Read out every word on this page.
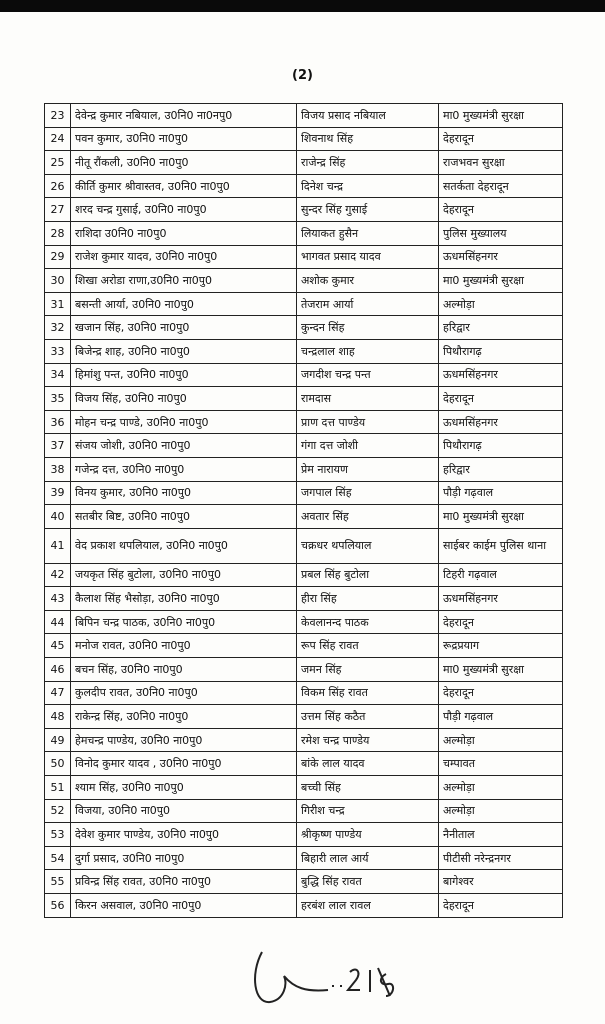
(2)
23	देवेन्द्र कुमार नबियाल, उ0नि0 ना0नपु0	विजय प्रसाद नबियाल	मा0 मुख्यमंत्री सुरक्षा
24	पवन कुमार, उ0नि0 ना0पु0	शिवनाथ सिंह	देहरादून
25	नीतू रौंकली, उ0नि0 ना0पु0	राजेन्द्र सिंह	राजभवन सुरक्षा
26	कीर्ति कुमार श्रीवास्तव, उ0नि0 ना0पु0	दिनेश चन्द्र	सतर्कता देहरादून
27	शरद चन्द्र गुसाई, उ0नि0 ना0पु0	सुन्दर सिंह गुसाई	देहरादून
28	राशिदा उ0नि0 ना0पु0	लियाकत हुसैन	पुलिस मुख्यालय
29	राजेश कुमार यादव, उ0नि0 ना0पु0	भागवत प्रसाद यादव	ऊधमसिंहनगर
30	शिखा अरोडा राणा,उ0नि0 ना0पु0	अशोक कुमार	मा0 मुख्यमंत्री सुरक्षा
31	बसन्ती आर्या, उ0नि0 ना0पु0	तेजराम आर्या	अल्मोड़ा
32	खजान सिंह, उ0नि0 ना0पु0	कुन्दन सिंह	हरिद्वार
33	बिजेन्द्र शाह, उ0नि0 ना0पु0	चन्द्रलाल शाह	पिथौरागढ़
34	हिमांशु पन्त, उ0नि0 ना0पु0	जगदीश चन्द्र पन्त	ऊधमसिंहनगर
35	विजय सिंह, उ0नि0 ना0पु0	रामदास	देहरादून
36	मोहन चन्द्र पाण्डे, उ0नि0 ना0पु0	प्राण दत्त पाण्डेय	ऊधमसिंहनगर
37	संजय जोशी, उ0नि0 ना0पु0	गंगा दत्त जोशी	पिथौरागढ़
38	गजेन्द्र दत्त, उ0नि0 ना0पु0	प्रेम नारायण	हरिद्वार
39	विनय कुमार, उ0नि0 ना0पु0	जगपाल सिंह	पौड़ी गढ़वाल
40	सतबीर बिष्ट, उ0नि0 ना0पु0	अवतार सिंह	मा0 मुख्यमंत्री सुरक्षा
41	वेद प्रकाश थपलियाल, उ0नि0 ना0पु0	चक्रधर थपलियाल	साईबर काईम पुलिस थाना
42	जयकृत सिंह बुटोला, उ0नि0 ना0पु0	प्रबल सिंह बुटोला	टिहरी गढ़वाल
43	कैलाश सिंह भैसोड़ा, उ0नि0 ना0पु0	हीरा सिंह	ऊधमसिंहनगर
44	बिपिन चन्द्र पाठक, उ0नि0 ना0पु0	केवलानन्द पाठक	देहरादून
45	मनोज रावत, उ0नि0 ना0पु0	रूप सिंह रावत	रूद्रप्रयाग
46	बचन सिंह, उ0नि0 ना0पु0	जमन सिंह	मा0 मुख्यमंत्री सुरक्षा
47	कुलदीप रावत, उ0नि0 ना0पु0	विकम सिंह रावत	देहरादून
48	राकेन्द्र सिंह, उ0नि0 ना0पु0	उत्तम सिंह कठैत	पौड़ी गढ़वाल
49	हेमचन्द्र पाण्डेय, उ0नि0 ना0पु0	रमेश चन्द्र पाण्डेय	अल्मोड़ा
50	विनोद कुमार यादव , उ0नि0 ना0पु0	बांके लाल यादव	चम्पावत
51	श्याम सिंह, उ0नि0 ना0पु0	बच्ची सिंह	अल्मोड़ा
52	विजया, उ0नि0 ना0पु0	गिरीश चन्द्र	अल्मोड़ा
53	देवेश कुमार पाण्डेय, उ0नि0 ना0पु0	श्रीकृष्ण पाण्डेय	नैनीताल
54	दुर्गा प्रसाद, उ0नि0 ना0पु0	बिहारी लाल आर्य	पीटीसी नरेन्द्रनगर
55	प्रविन्द्र सिंह रावत, उ0नि0 ना0पु0	बुद्धि सिंह रावत	बागेश्वर
56	किरन असवाल, उ0नि0 ना0पु0	हरबंश लाल रावल	देहरादून
